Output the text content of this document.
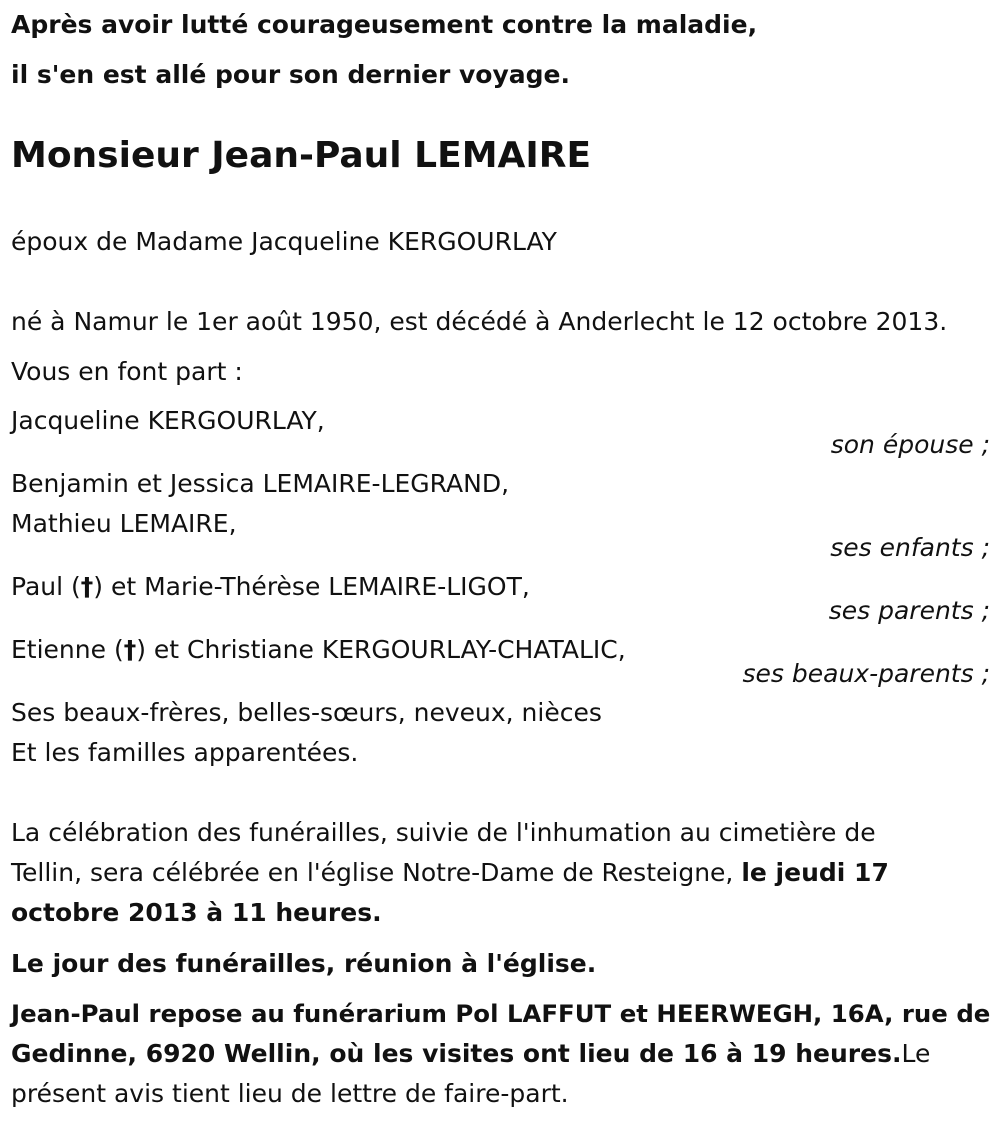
Après avoir lutté courageusement contre la maladie,
il s'en est allé pour son dernier voyage.
Monsieur Jean-Paul LEMAIRE
époux de Madame Jacqueline KERGOURLAY
né à Namur le 1er août 1950, est décédé à Anderlecht le 12 octobre 2013.
Vous en font part :
Jacqueline KERGOURLAY,
son épouse ;
Benjamin et Jessica LEMAIRE-LEGRAND,
Mathieu LEMAIRE,
ses enfants ;
Paul (†) et Marie-Thérèse LEMAIRE-LIGOT,
ses parents ;
Etienne (†) et Christiane KERGOURLAY-CHATALIC,
ses beaux-parents ;
Ses beaux-frères, belles-sœurs, neveux, nièces
Et les familles apparentées.
La célébration des funérailles, suivie de l'inhumation au cimetière de
Tellin, sera célébrée en l'église Notre-Dame de Resteigne, le jeudi 17
octobre 2013 à 11 heures.
Le jour des funérailles, réunion à l'église.
Jean-Paul repose au funérarium Pol LAFFUT et HEERWEGH, 16A, rue de
Gedinne, 6920 Wellin, où les visites ont lieu de 16 à 19 heures.Le
présent avis tient lieu de lettre de faire-part.
